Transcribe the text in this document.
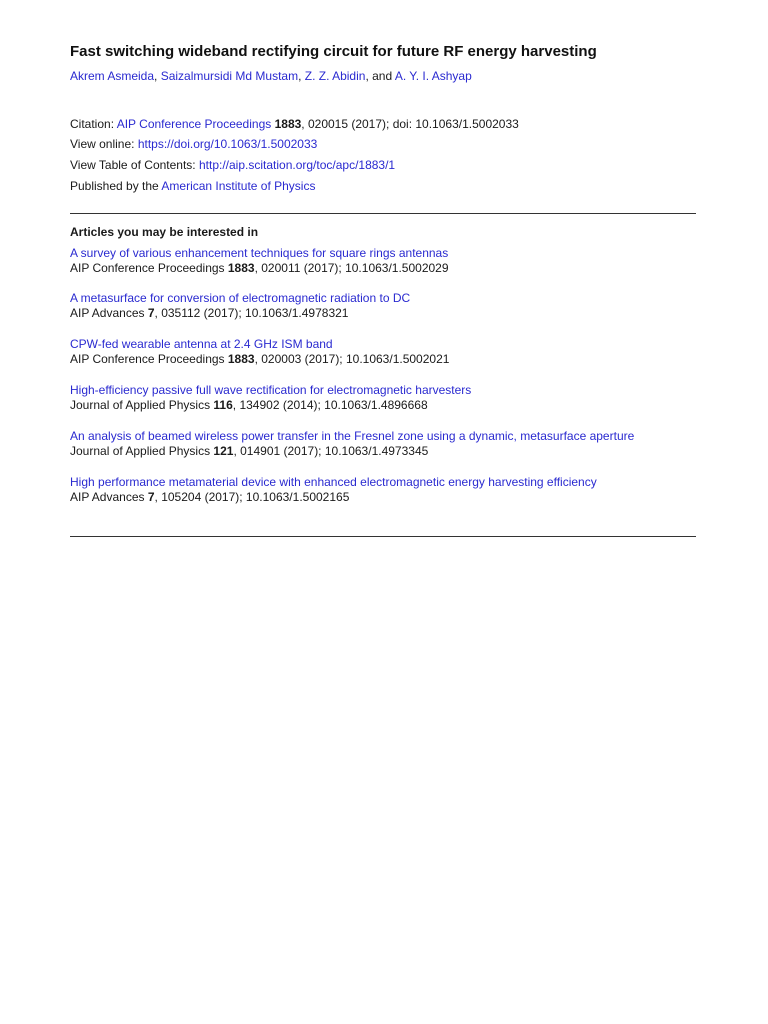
Fast switching wideband rectifying circuit for future RF energy harvesting
Akrem Asmeida, Saizalmursidi Md Mustam, Z. Z. Abidin, and A. Y. I. Ashyap
Citation: AIP Conference Proceedings 1883, 020015 (2017); doi: 10.1063/1.5002033
View online: https://doi.org/10.1063/1.5002033
View Table of Contents: http://aip.scitation.org/toc/apc/1883/1
Published by the American Institute of Physics
Articles you may be interested in
A survey of various enhancement techniques for square rings antennas
AIP Conference Proceedings 1883, 020011 (2017); 10.1063/1.5002029
A metasurface for conversion of electromagnetic radiation to DC
AIP Advances 7, 035112 (2017); 10.1063/1.4978321
CPW-fed wearable antenna at 2.4 GHz ISM band
AIP Conference Proceedings 1883, 020003 (2017); 10.1063/1.5002021
High-efficiency passive full wave rectification for electromagnetic harvesters
Journal of Applied Physics 116, 134902 (2014); 10.1063/1.4896668
An analysis of beamed wireless power transfer in the Fresnel zone using a dynamic, metasurface aperture
Journal of Applied Physics 121, 014901 (2017); 10.1063/1.4973345
High performance metamaterial device with enhanced electromagnetic energy harvesting efficiency
AIP Advances 7, 105204 (2017); 10.1063/1.5002165
